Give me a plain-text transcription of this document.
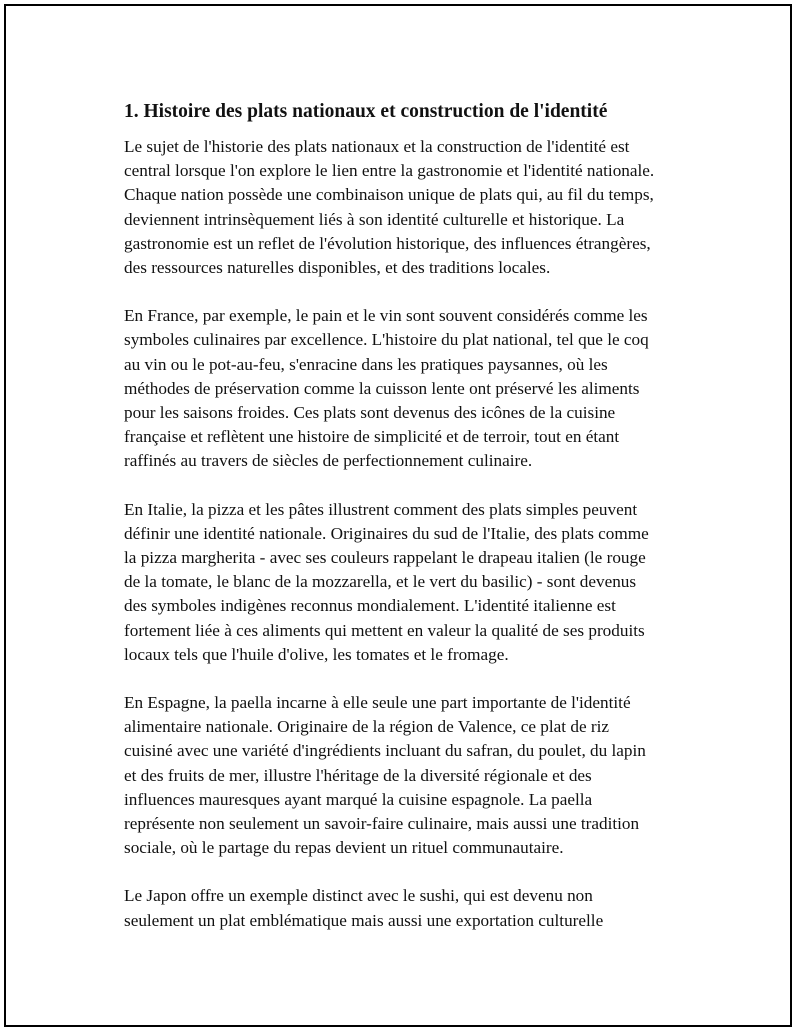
1. Histoire des plats nationaux et construction de l'identité
Le sujet de l'historie des plats nationaux et la construction de l'identité est
central lorsque l'on explore le lien entre la gastronomie et l'identité nationale.
Chaque nation possède une combinaison unique de plats qui, au fil du temps,
deviennent intrinsèquement liés à son identité culturelle et historique. La
gastronomie est un reflet de l'évolution historique, des influences étrangères,
des ressources naturelles disponibles, et des traditions locales.
En France, par exemple, le pain et le vin sont souvent considérés comme les
symboles culinaires par excellence. L'histoire du plat national, tel que le coq
au vin ou le pot-au-feu, s'enracine dans les pratiques paysannes, où les
méthodes de préservation comme la cuisson lente ont préservé les aliments
pour les saisons froides. Ces plats sont devenus des icônes de la cuisine
française et reflètent une histoire de simplicité et de terroir, tout en étant
raffinés au travers de siècles de perfectionnement culinaire.
En Italie, la pizza et les pâtes illustrent comment des plats simples peuvent
définir une identité nationale. Originaires du sud de l'Italie, des plats comme
la pizza margherita - avec ses couleurs rappelant le drapeau italien (le rouge
de la tomate, le blanc de la mozzarella, et le vert du basilic) - sont devenus
des symboles indigènes reconnus mondialement. L'identité italienne est
fortement liée à ces aliments qui mettent en valeur la qualité de ses produits
locaux tels que l'huile d'olive, les tomates et le fromage.
En Espagne, la paella incarne à elle seule une part importante de l'identité
alimentaire nationale. Originaire de la région de Valence, ce plat de riz
cuisiné avec une variété d'ingrédients incluant du safran, du poulet, du lapin
et des fruits de mer, illustre l'héritage de la diversité régionale et des
influences mauresques ayant marqué la cuisine espagnole. La paella
représente non seulement un savoir-faire culinaire, mais aussi une tradition
sociale, où le partage du repas devient un rituel communautaire.
Le Japon offre un exemple distinct avec le sushi, qui est devenu non
seulement un plat emblématique mais aussi une exportation culturelle
